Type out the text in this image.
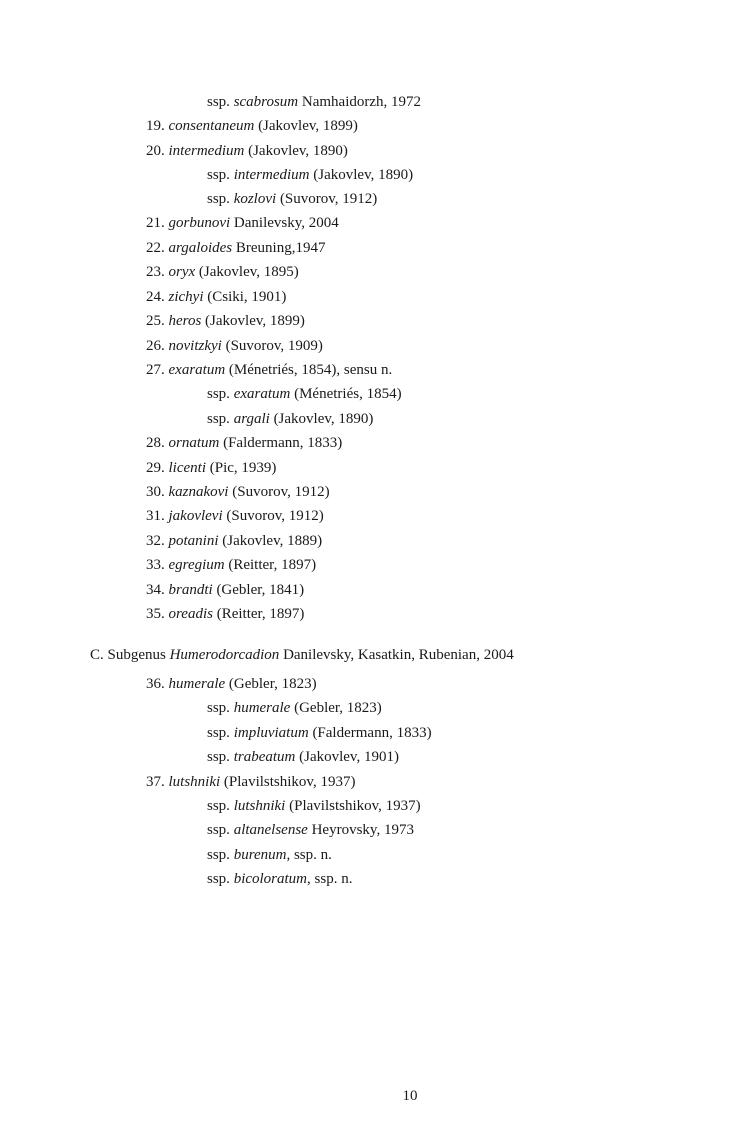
ssp. scabrosum Namhaidorzh, 1972
19. consentaneum (Jakovlev, 1899)
20. intermedium (Jakovlev, 1890)
ssp. intermedium (Jakovlev, 1890)
ssp. kozlovi (Suvorov, 1912)
21. gorbunovi Danilevsky, 2004
22. argaloides Breuning,1947
23. oryx (Jakovlev, 1895)
24. zichyi (Csiki, 1901)
25. heros (Jakovlev, 1899)
26. novitzkyi (Suvorov, 1909)
27. exaratum (Ménetriés, 1854), sensu n.
ssp. exaratum (Ménetriés, 1854)
ssp. argali (Jakovlev, 1890)
28. ornatum (Faldermann, 1833)
29. licenti (Pic, 1939)
30. kaznakovi (Suvorov, 1912)
31. jakovlevi (Suvorov, 1912)
32. potanini (Jakovlev, 1889)
33. egregium (Reitter, 1897)
34. brandti (Gebler, 1841)
35. oreadis (Reitter, 1897)
C. Subgenus Humerodorcadion Danilevsky, Kasatkin, Rubenian, 2004
36. humerale (Gebler, 1823)
ssp. humerale (Gebler, 1823)
ssp. impluviatum (Faldermann, 1833)
ssp. trabeatum (Jakovlev, 1901)
37. lutshniki (Plavilstshikov, 1937)
ssp. lutshniki (Plavilstshikov, 1937)
ssp. altanelsense Heyrovsky, 1973
ssp. burenum, ssp. n.
ssp. bicoloratum, ssp. n.
10
